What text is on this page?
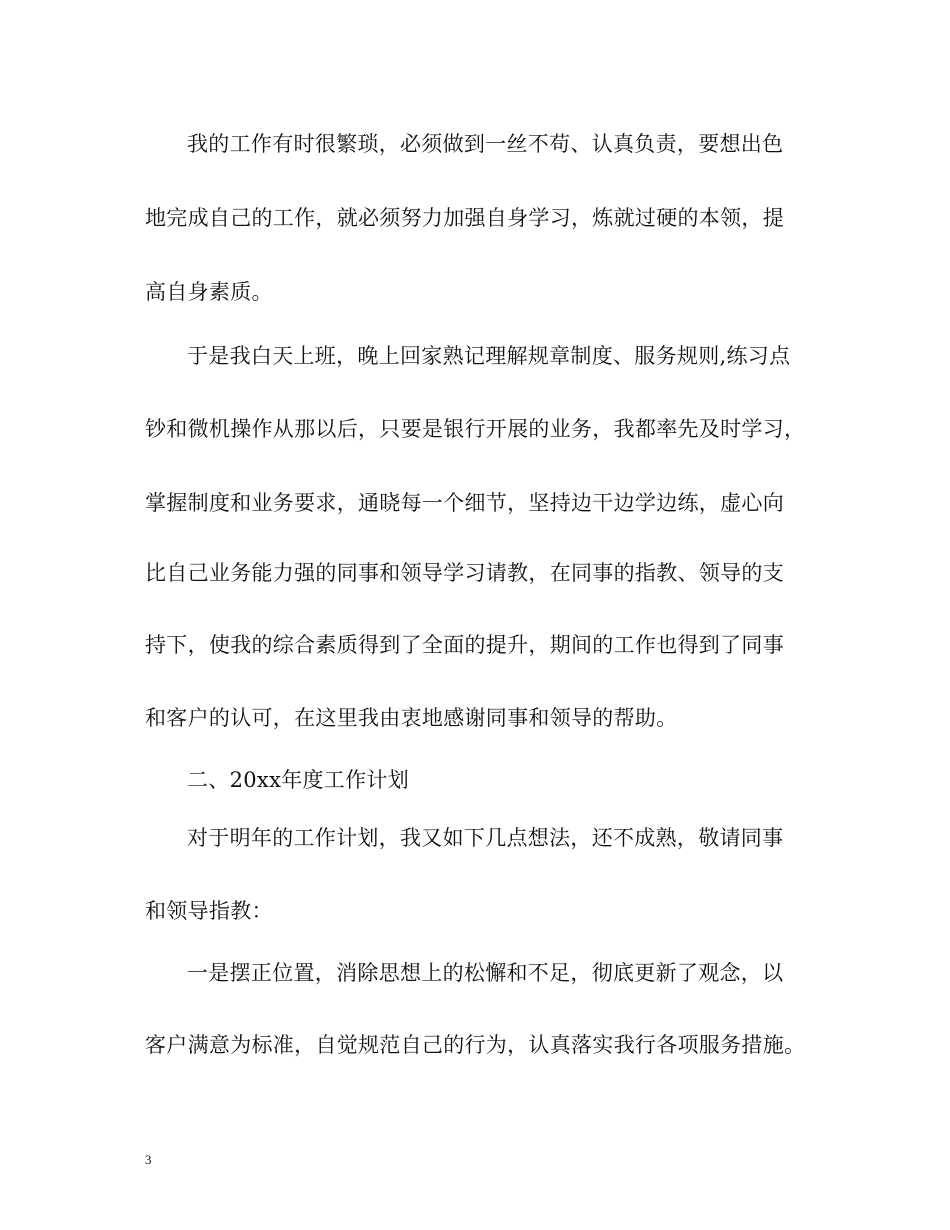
我的工作有时很繁琐，必须做到一丝不苟、认真负责，要想出色
地完成自己的工作，就必须努力加强自身学习，炼就过硬的本领，提
高自身素质。
于是我白天上班，晚上回家熟记理解规章制度、服务规则,练习点
钞和微机操作从那以后，只要是银行开展的业务，我都率先及时学习，
掌握制度和业务要求，通晓每一个细节，坚持边干边学边练，虚心向
比自己业务能力强的同事和领导学习请教，在同事的指教、领导的支
持下，使我的综合素质得到了全面的提升，期间的工作也得到了同事
和客户的认可，在这里我由衷地感谢同事和领导的帮助。
二、20xx年度工作计划
对于明年的工作计划，我又如下几点想法，还不成熟，敬请同事
和领导指教：
一是摆正位置，消除思想上的松懈和不足，彻底更新了观念，以
客户满意为标准，自觉规范自己的行为，认真落实我行各项服务措施。
3
